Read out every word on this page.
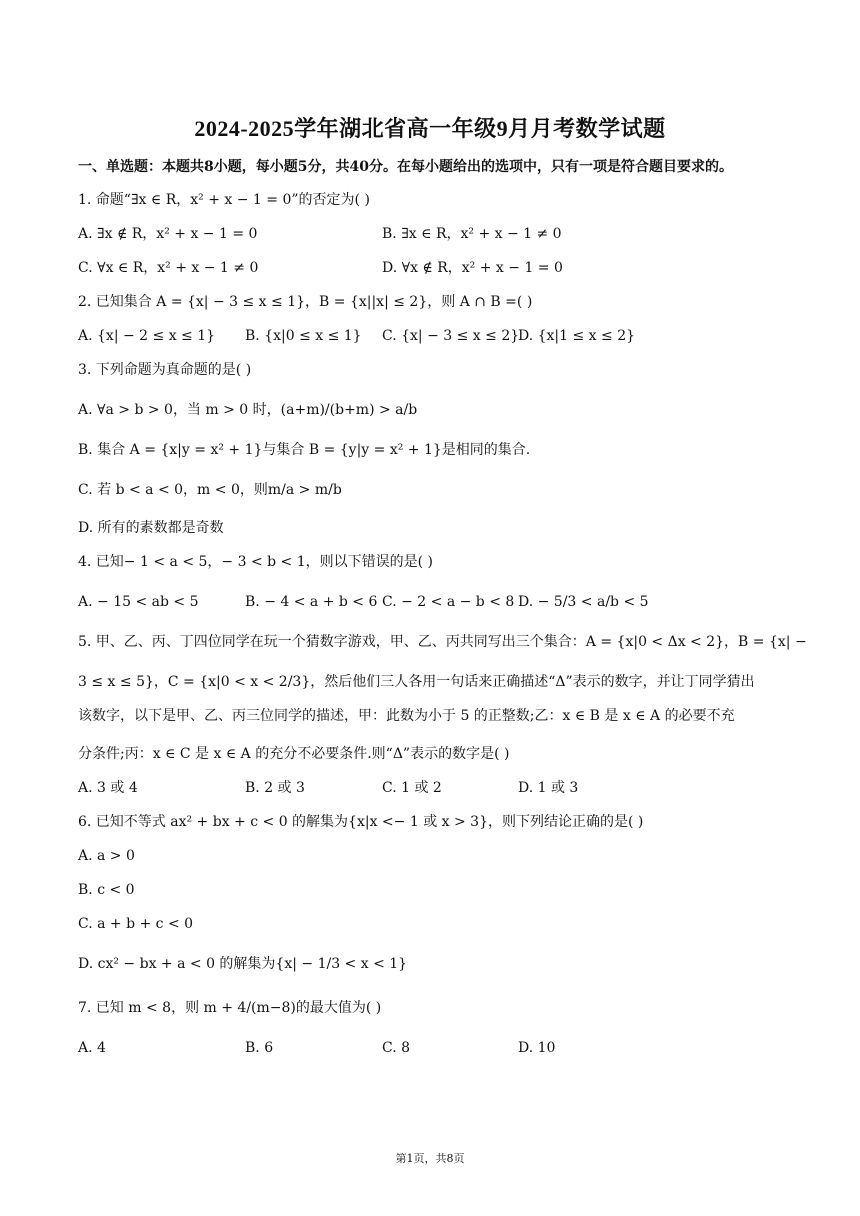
2024-2025学年湖北省高一年级9月月考数学试题
一、单选题：本题共8小题，每小题5分，共40分。在每小题给出的选项中，只有一项是符合题目要求的。
1. 命题“∃x ∈ R，x² + x − 1 = 0”的否定为( )
A. ∃x ∉ R，x² + x − 1 = 0	B. ∃x ∈ R，x² + x − 1 ≠ 0
C. ∀x ∈ R，x² + x − 1 ≠ 0	D. ∀x ∉ R，x² + x − 1 = 0
2. 已知集合 A = {x| − 3 ≤ x ≤ 1}，B = {x||x| ≤ 2}，则 A ∩ B =( )
A. {x| − 2 ≤ x ≤ 1} B. {x|0 ≤ x ≤ 1} C. {x| − 3 ≤ x ≤ 2}
D. {x|1 ≤ x ≤ 2}
3. 下列命题为真命题的是( )
A. ∀a > b > 0，当 m > 0 时，(a+m)/(b+m) > a/b
B. 集合 A = {x|y = x² + 1}与集合 B = {y|y = x² + 1}是相同的集合.
C. 若 b < a < 0，m < 0，则m/a > m/b
D. 所有的素数都是奇数
4. 已知− 1 < a < 5，− 3 < b < 1，则以下错误的是( )
A. − 15 < ab < 5	B. − 4 < a + b < 6 C. − 2 < a − b < 8 D. − 5/3 < a/b < 5
5. 甲、乙、丙、丁四位同学在玩一个猜数字游戏，甲、乙、丙共同写出三个集合：A = {x|0 < Δx < 2}，B = {x| −
3 ≤ x ≤ 5}，C = {x|0 < x < 2/3}，然后他们三人各用一句话来正确描述“Δ”表示的数字，并让丁同学猜出
该数字，以下是甲、乙、丙三位同学的描述，甲：此数为小于 5 的正整数;乙：x ∈ B 是 x ∈ A 的必要不充
分条件;丙：x ∈ C 是 x ∈ A 的充分不必要条件.则“Δ”表示的数字是( )
A. 3 或 4	B. 2 或 3	C. 1 或 2	D. 1 或 3
6. 已知不等式 ax² + bx + c < 0 的解集为{x|x <− 1 或 x > 3}，则下列结论正确的是( )
A. a > 0
B. c < 0
C. a + b + c < 0
D. cx² − bx + a < 0 的解集为{x| − 1/3 < x < 1}
7. 已知 m < 8，则 m + 4/(m−8)的最大值为( )
A. 4	B. 6	C. 8	D. 10
第1页，共8页
